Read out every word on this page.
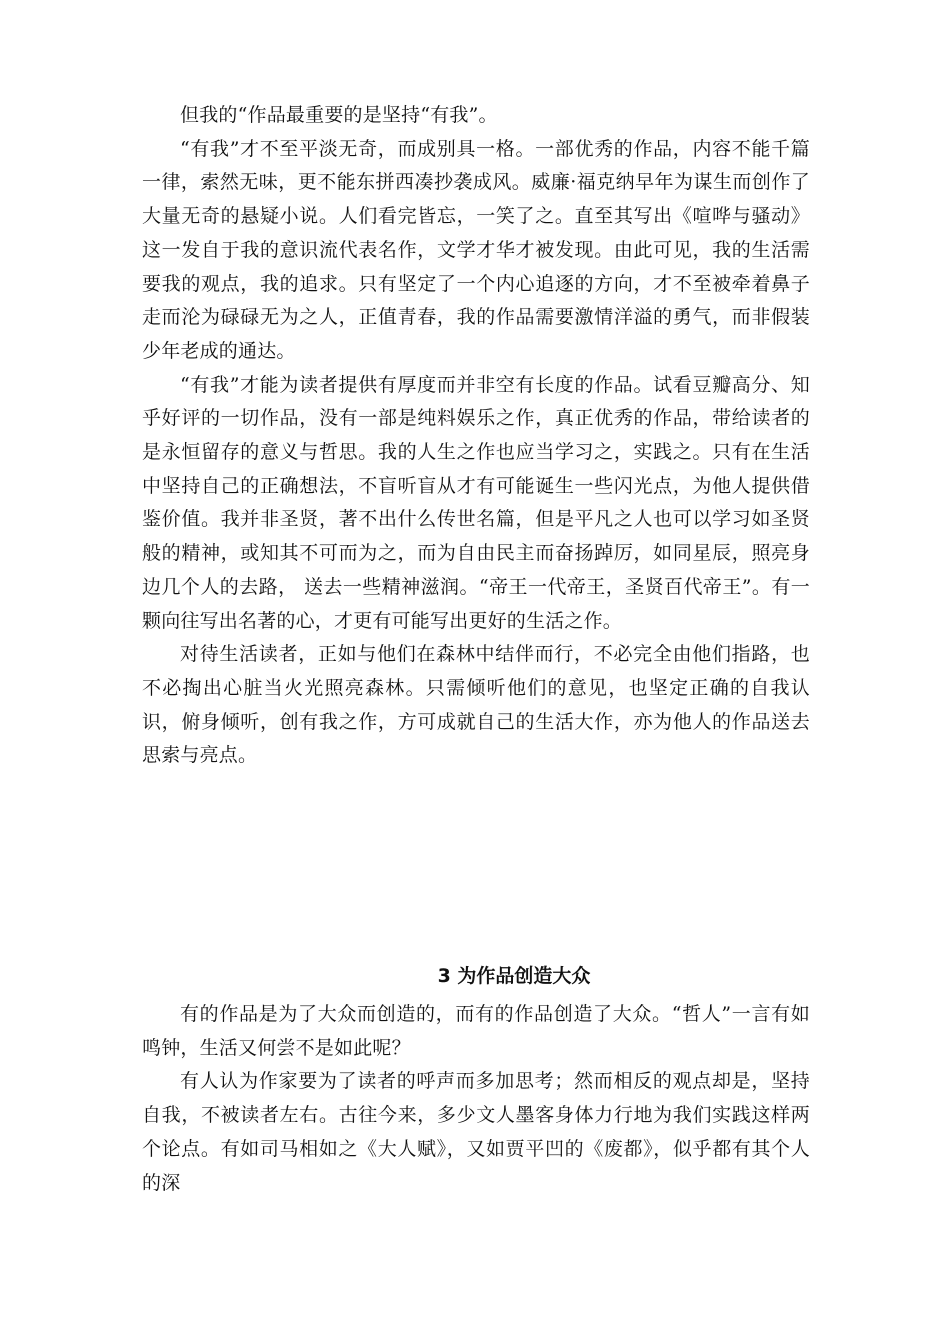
但我的“作品最重要的是坚持“有我”。

“有我”才不至平淡无奇，而成别具一格。一部优秀的作品，内容不能千篇一律，索然无味，更不能东拼西凑抄袭成风。威廉·福克纳早年为谋生而创作了大量无奇的悬疑小说。人们看完皆忘，一笑了之。直至其写出《喧哗与骚动》这一发自于我的意识流代表名作，文学才华才被发现。由此可见，我的生活需要我的观点，我的追求。只有坚定了一个内心追逐的方向，才不至被牵着鼻子走而沦为碌碌无为之人，正值青春，我的作品需要激情洋溢的勇气，而非假装少年老成的通达。

“有我”才能为读者提供有厚度而并非空有长度的作品。试看豆瓣高分、知乎好评的一切作品，没有一部是纯料娱乐之作，真正优秀的作品，带给读者的是永恒留存的意义与哲思。我的人生之作也应当学习之，实践之。只有在生活中坚持自己的正确想法，不盲听盲从才有可能诞生一些闪光点，为他人提供借鉴价值。我并非圣贤，著不出什么传世名篇，但是平凡之人也可以学习如圣贤般的精神，或知其不可而为之，而为自由民主而奋扬踔厉，如同星辰，照亮身边几个人的去路， 送去一些精神滋润。“帝王一代帝王，圣贤百代帝王”。有一颗向往写出名著的心，才更有可能写出更好的生活之作。

对待生活读者，正如与他们在森林中结伴而行，不必完全由他们指路，也不必掏出心脏当火光照亮森林。只需倾听他们的意见，也坚定正确的自我认识，俯身倾听，创有我之作，方可成就自己的生活大作，亦为他人的作品送去思索与亮点。

3 为作品创造大众

有的作品是为了大众而创造的，而有的作品创造了大众。“哲人”一言有如鸣钟，生活又何尝不是如此呢？

有人认为作家要为了读者的呼声而多加思考；然而相反的观点却是，坚持自我，不被读者左右。古往今来，多少文人墨客身体力行地为我们实践这样两个论点。有如司马相如之《大人赋》，又如贾平凹的《废都》，似乎都有其个人的深
